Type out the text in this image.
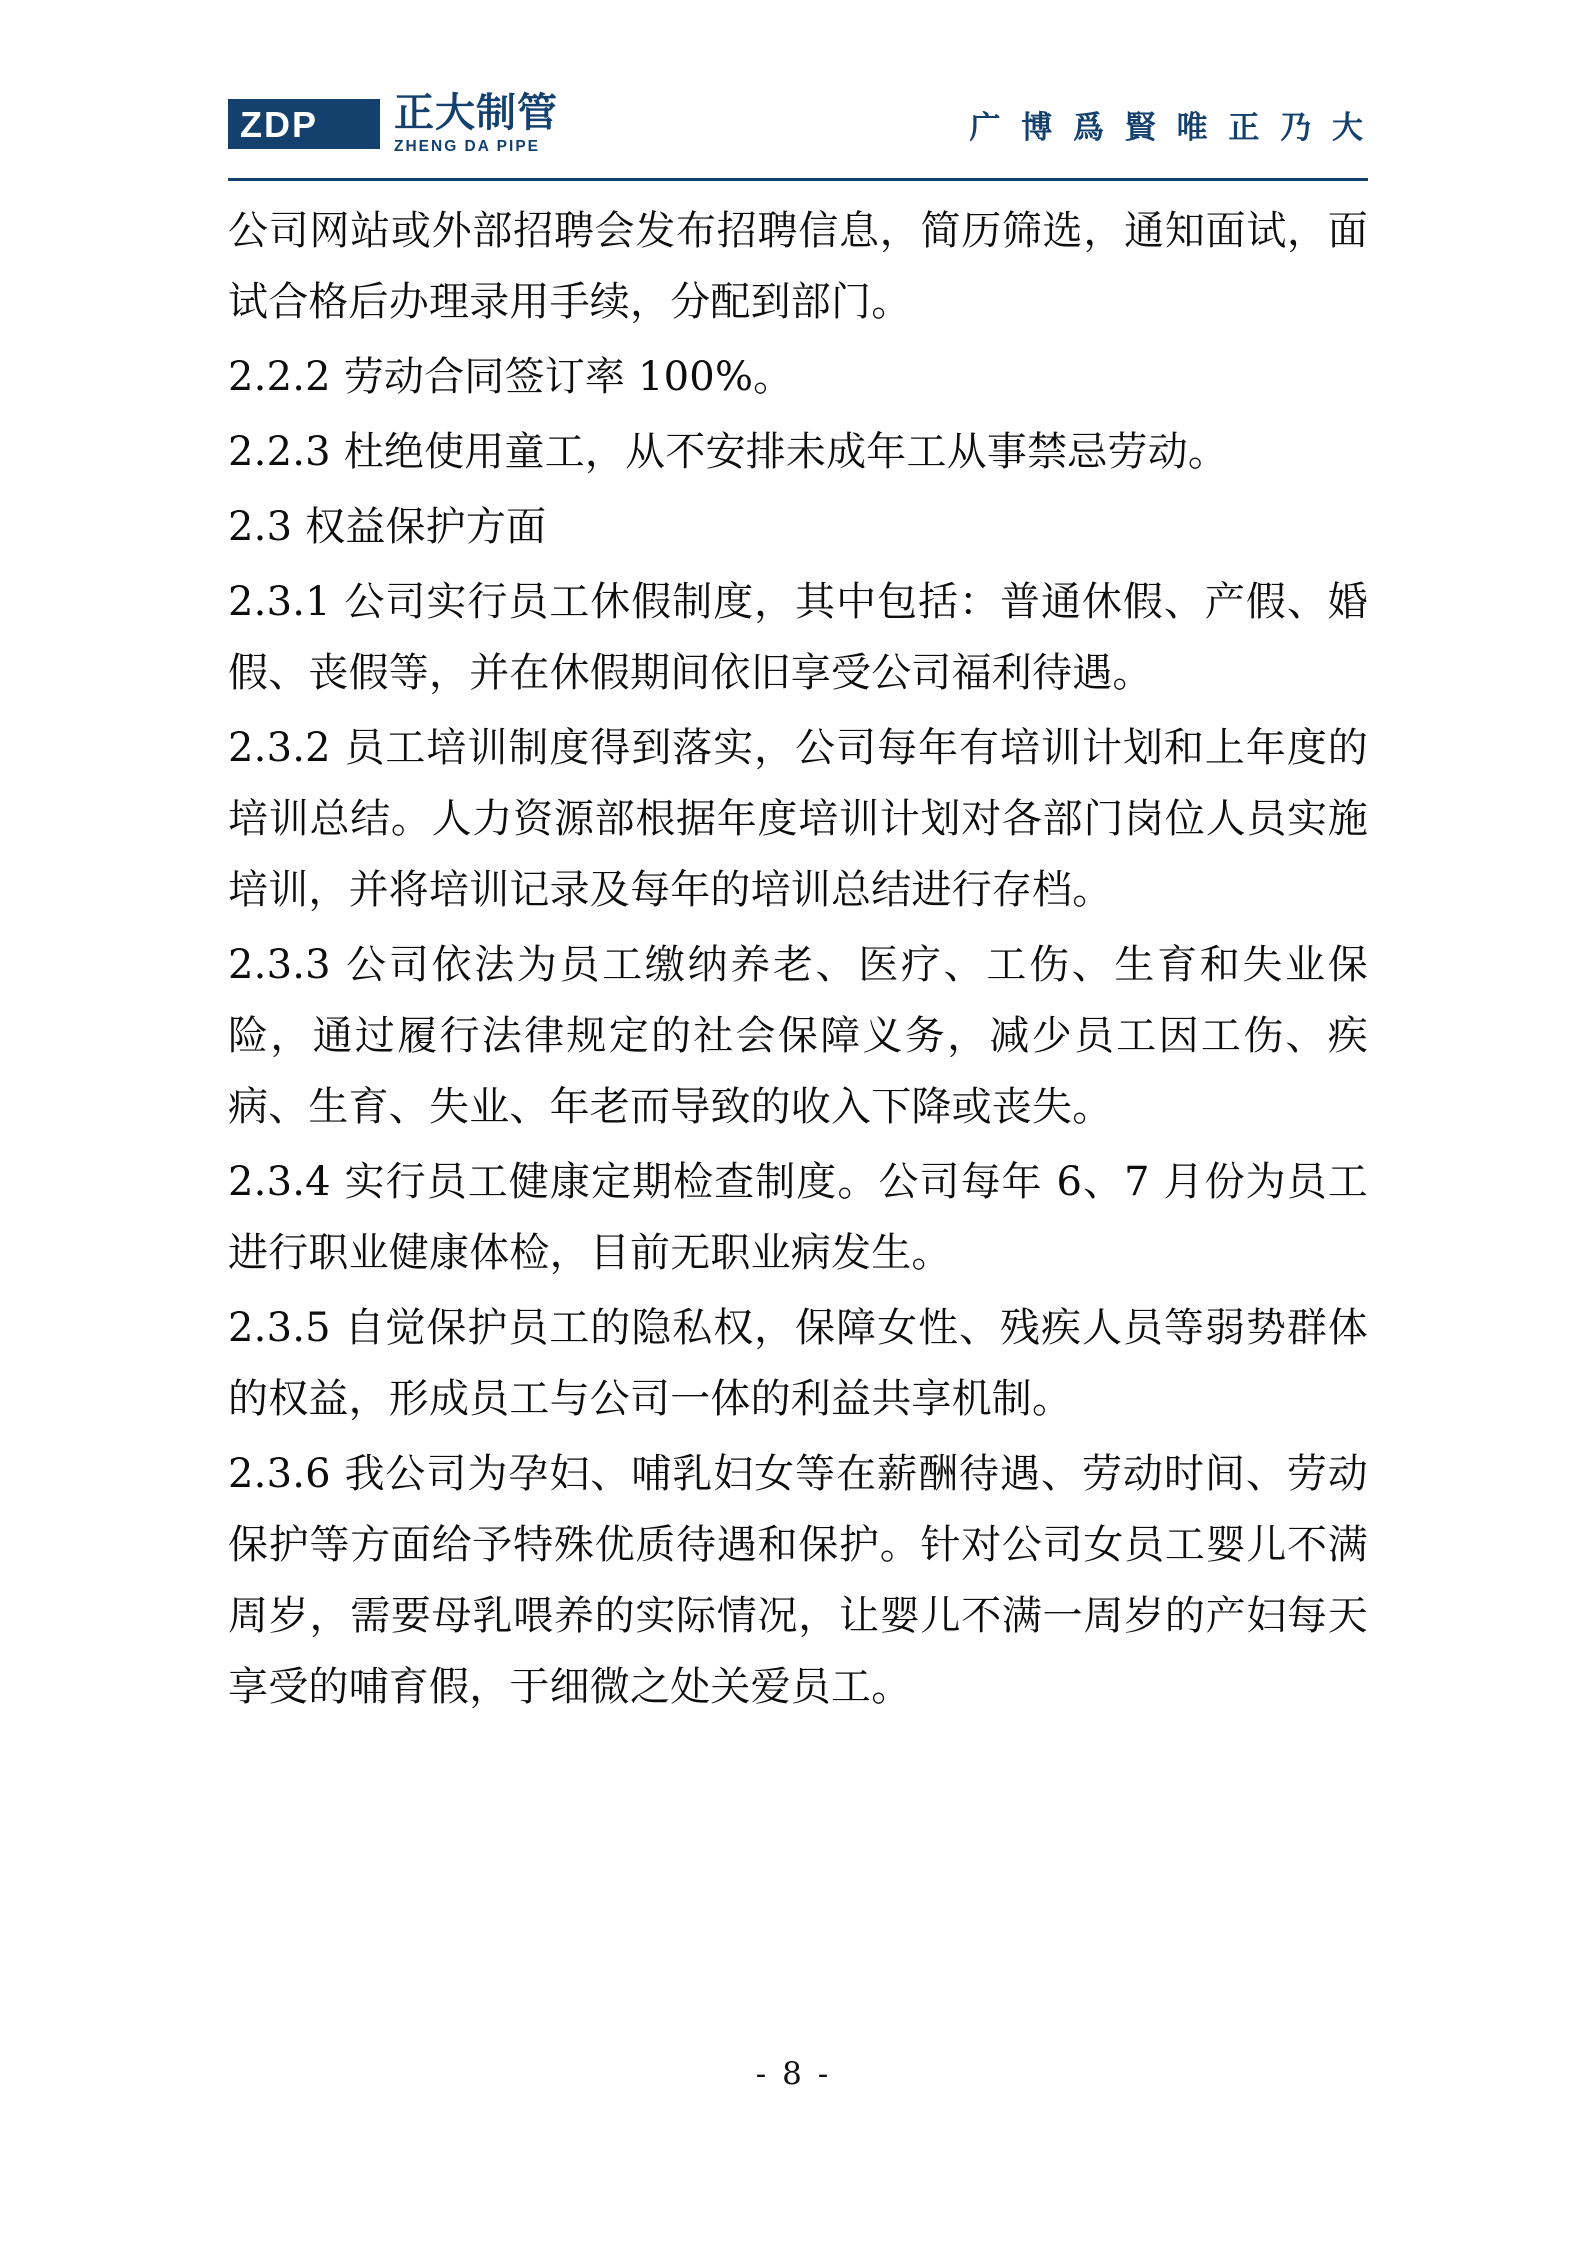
ZDP 正大制管
ZHENG DA PIPE
广 博 爲 賢 唯 正 乃 大

公司网站或外部招聘会发布招聘信息，简历筛选，通知面试，面试合格后办理录用手续，分配到部门。

2.2.2 劳动合同签订率 100%。

2.2.3 杜绝使用童工，从不安排未成年工从事禁忌劳动。

2.3 权益保护方面

2.3.1 公司实行员工休假制度，其中包括：普通休假、产假、婚假、丧假等，并在休假期间依旧享受公司福利待遇。

2.3.2 员工培训制度得到落实，公司每年有培训计划和上年度的培训总结。人力资源部根据年度培训计划对各部门岗位人员实施培训，并将培训记录及每年的培训总结进行存档。

2.3.3 公司依法为员工缴纳养老、医疗、工伤、生育和失业保险，通过履行法律规定的社会保障义务，减少员工因工伤、疾病、生育、失业、年老而导致的收入下降或丧失。

2.3.4 实行员工健康定期检查制度。公司每年 6、7 月份为员工进行职业健康体检，目前无职业病发生。

2.3.5 自觉保护员工的隐私权，保障女性、残疾人员等弱势群体的权益，形成员工与公司一体的利益共享机制。

2.3.6 我公司为孕妇、哺乳妇女等在薪酬待遇、劳动时间、劳动保护等方面给予特殊优质待遇和保护。针对公司女员工婴儿不满周岁，需要母乳喂养的实际情况，让婴儿不满一周岁的产妇每天享受的哺育假，于细微之处关爱员工。

- 8 -
